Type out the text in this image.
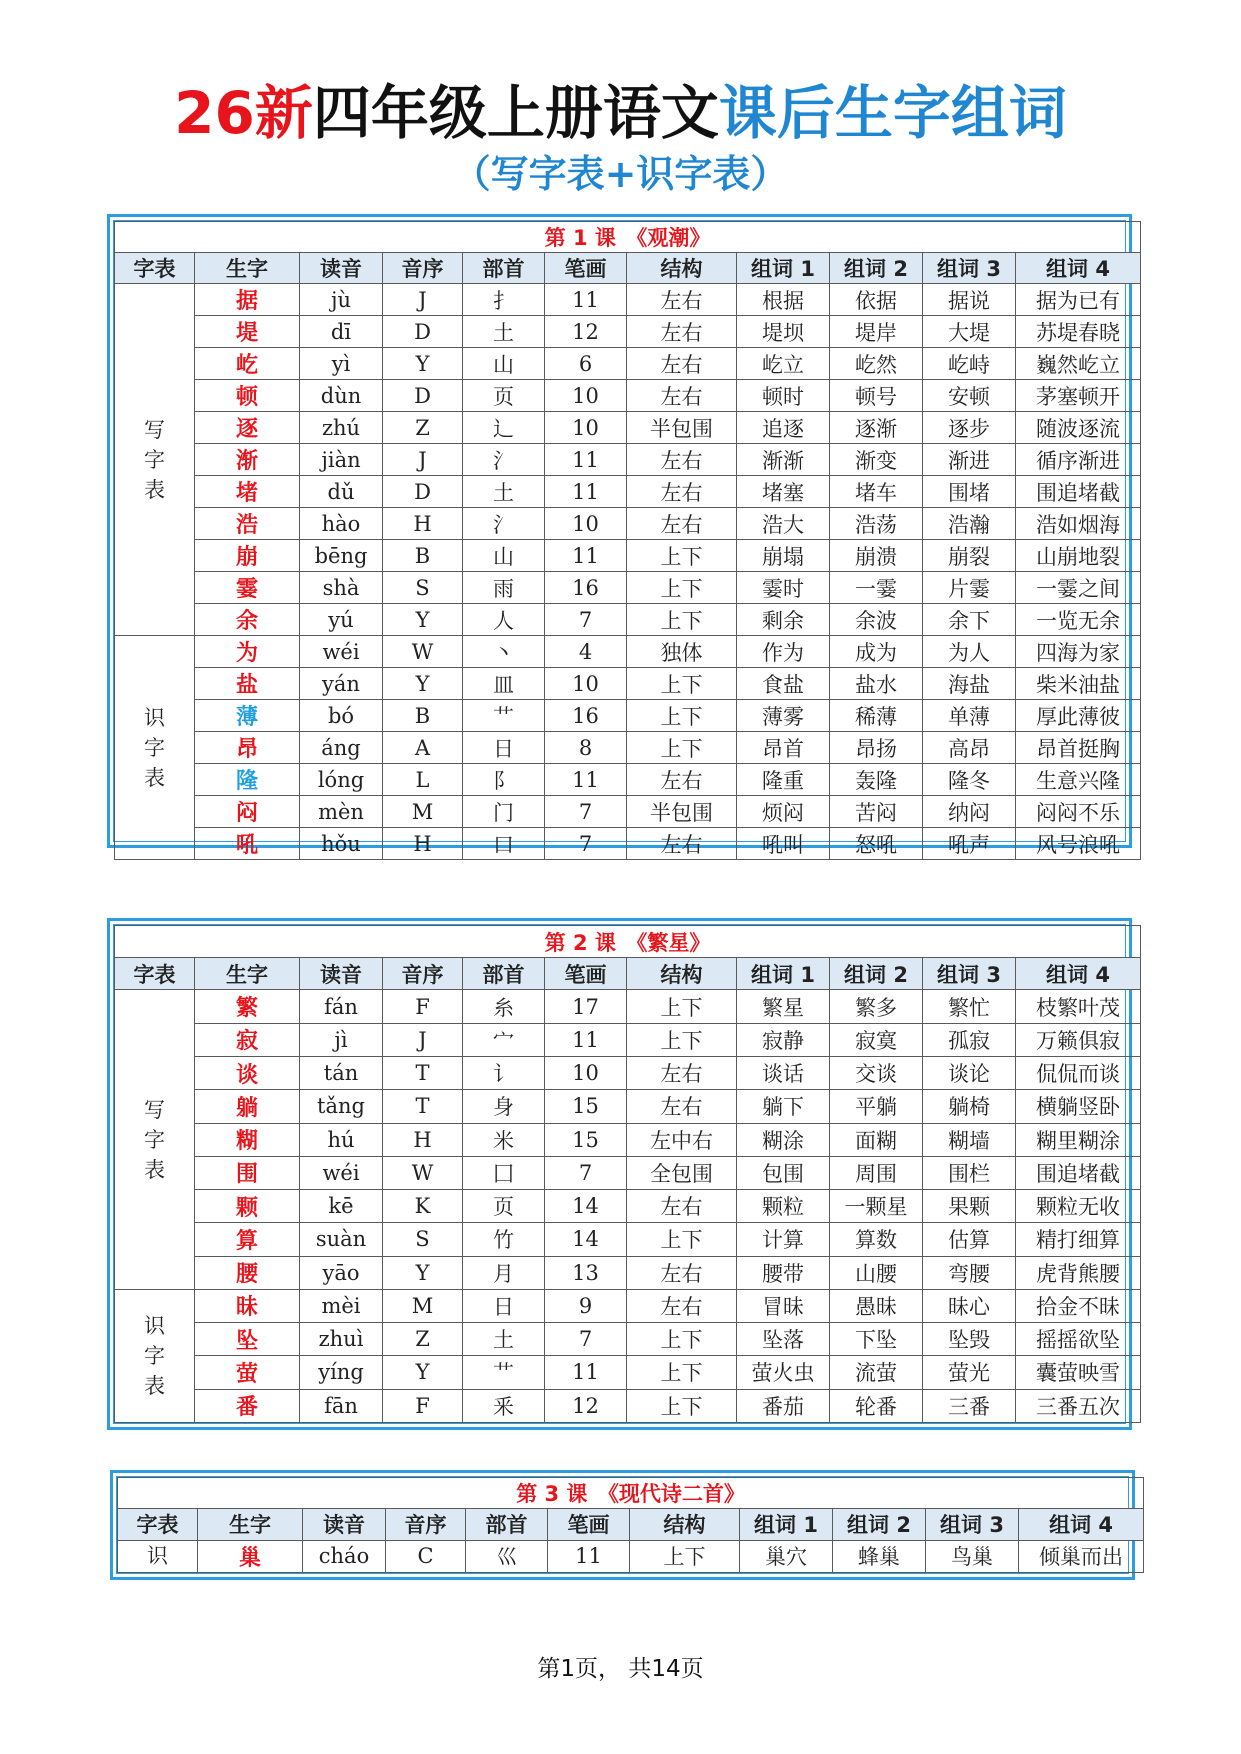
26新四年级上册语文课后生字组词
（写字表+识字表）
第 1 课　《观潮》										
字表	生字	读音	音序	部首	笔画	结构	组词 1	组词 2	组词 3	组词 4
写字表	据	jù	J	扌	11	左右	根据	依据	据说	据为已有
	堤	dī	D	土	12	左右	堤坝	堤岸	大堤	苏堤春晓
	屹	yì	Y	山	6	左右	屹立	屹然	屹峙	巍然屹立
	顿	dùn	D	页	10	左右	顿时	顿号	安顿	茅塞顿开
	逐	zhú	Z	辶	10	半包围	追逐	逐渐	逐步	随波逐流
	渐	jiàn	J	氵	11	左右	渐渐	渐变	渐进	循序渐进
	堵	dǔ	D	土	11	左右	堵塞	堵车	围堵	围追堵截
	浩	hào	H	氵	10	左右	浩大	浩荡	浩瀚	浩如烟海
	崩	bēng	B	山	11	上下	崩塌	崩溃	崩裂	山崩地裂
	霎	shà	S	雨	16	上下	霎时	一霎	片霎	一霎之间
	余	yú	Y	人	7	上下	剩余	余波	余下	一览无余
识字表	为	wéi	W	丶	4	独体	作为	成为	为人	四海为家
	盐	yán	Y	皿	10	上下	食盐	盐水	海盐	柴米油盐
	薄	bó	B	艹	16	上下	薄雾	稀薄	单薄	厚此薄彼
	昂	áng	A	日	8	上下	昂首	昂扬	高昂	昂首挺胸
	隆	lóng	L	阝	11	左右	隆重	轰隆	隆冬	生意兴隆
	闷	mèn	M	门	7	半包围	烦闷	苦闷	纳闷	闷闷不乐
	吼	hǒu	H	口	7	左右	吼叫	怒吼	吼声	风号浪吼
第 2 课　《繁星》										
字表	生字	读音	音序	部首	笔画	结构	组词 1	组词 2	组词 3	组词 4
写字表	繁	fán	F	糸	17	上下	繁星	繁多	繁忙	枝繁叶茂
	寂	jì	J	宀	11	上下	寂静	寂寞	孤寂	万籁俱寂
	谈	tán	T	讠	10	左右	谈话	交谈	谈论	侃侃而谈
	躺	tǎng	T	身	15	左右	躺下	平躺	躺椅	横躺竖卧
	糊	hú	H	米	15	左中右	糊涂	面糊	糊墙	糊里糊涂
	围	wéi	W	囗	7	全包围	包围	周围	围栏	围追堵截
	颗	kē	K	页	14	左右	颗粒	一颗星	果颗	颗粒无收
	算	suàn	S	竹	14	上下	计算	算数	估算	精打细算
	腰	yāo	Y	月	13	左右	腰带	山腰	弯腰	虎背熊腰
识字表	昧	mèi	M	日	9	左右	冒昧	愚昧	昧心	拾金不昧
	坠	zhuì	Z	土	7	上下	坠落	下坠	坠毁	摇摇欲坠
	萤	yíng	Y	艹	11	上下	萤火虫	流萤	萤光	囊萤映雪
	番	fān	F	釆	12	上下	番茄	轮番	三番	三番五次
第 3 课　《现代诗二首》										
字表	生字	读音	音序	部首	笔画	结构	组词 1	组词 2	组词 3	组词 4
识	巢	cháo	C	巛	11	上下	巢穴	蜂巢	鸟巢	倾巢而出
第1页， 共14页
